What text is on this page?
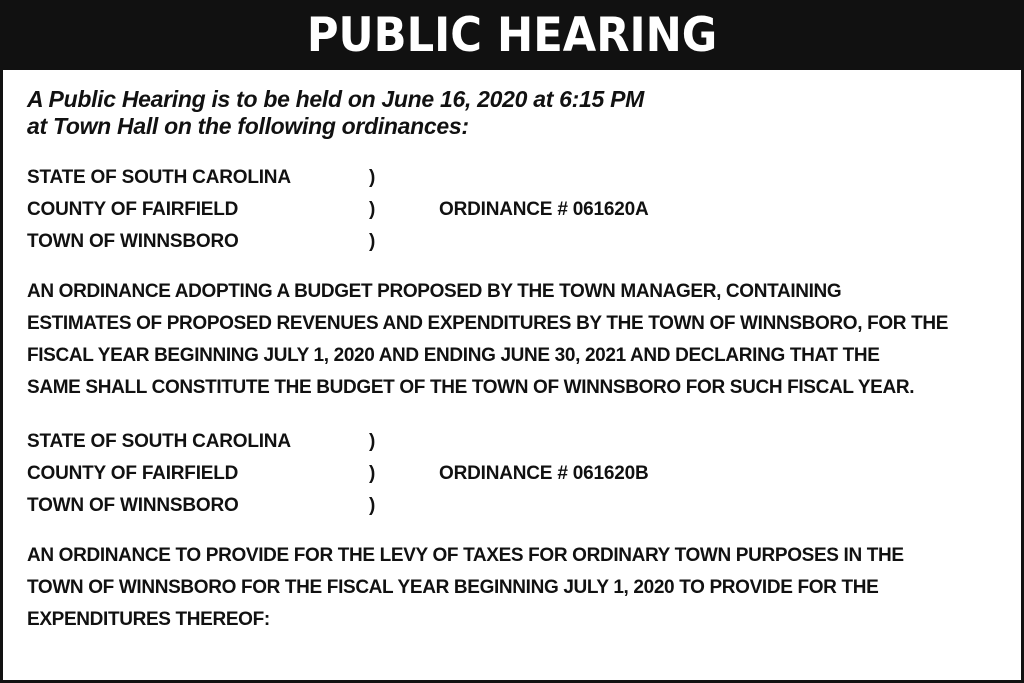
PUBLIC HEARING
A Public Hearing is to be held on June 16, 2020 at 6:15 PM
at Town Hall on the following ordinances:
STATE OF SOUTH CAROLINA
COUNTY OF FAIRFIELD
TOWN OF WINNSBORO
)
)
)
ORDINANCE # 061620A
AN ORDINANCE ADOPTING A BUDGET PROPOSED BY THE TOWN MANAGER, CONTAINING
ESTIMATES OF PROPOSED REVENUES AND EXPENDITURES BY THE TOWN OF WINNSBORO, FOR THE
FISCAL YEAR BEGINNING JULY 1, 2020 AND ENDING JUNE 30, 2021 AND DECLARING THAT THE
SAME SHALL CONSTITUTE THE BUDGET OF THE TOWN OF WINNSBORO FOR SUCH FISCAL YEAR.
STATE OF SOUTH CAROLINA
COUNTY OF FAIRFIELD
TOWN OF WINNSBORO
)
)
)
ORDINANCE # 061620B
AN ORDINANCE TO PROVIDE FOR THE LEVY OF TAXES FOR ORDINARY TOWN PURPOSES IN THE
TOWN OF WINNSBORO FOR THE FISCAL YEAR BEGINNING JULY 1, 2020 TO PROVIDE FOR THE
EXPENDITURES THEREOF:
